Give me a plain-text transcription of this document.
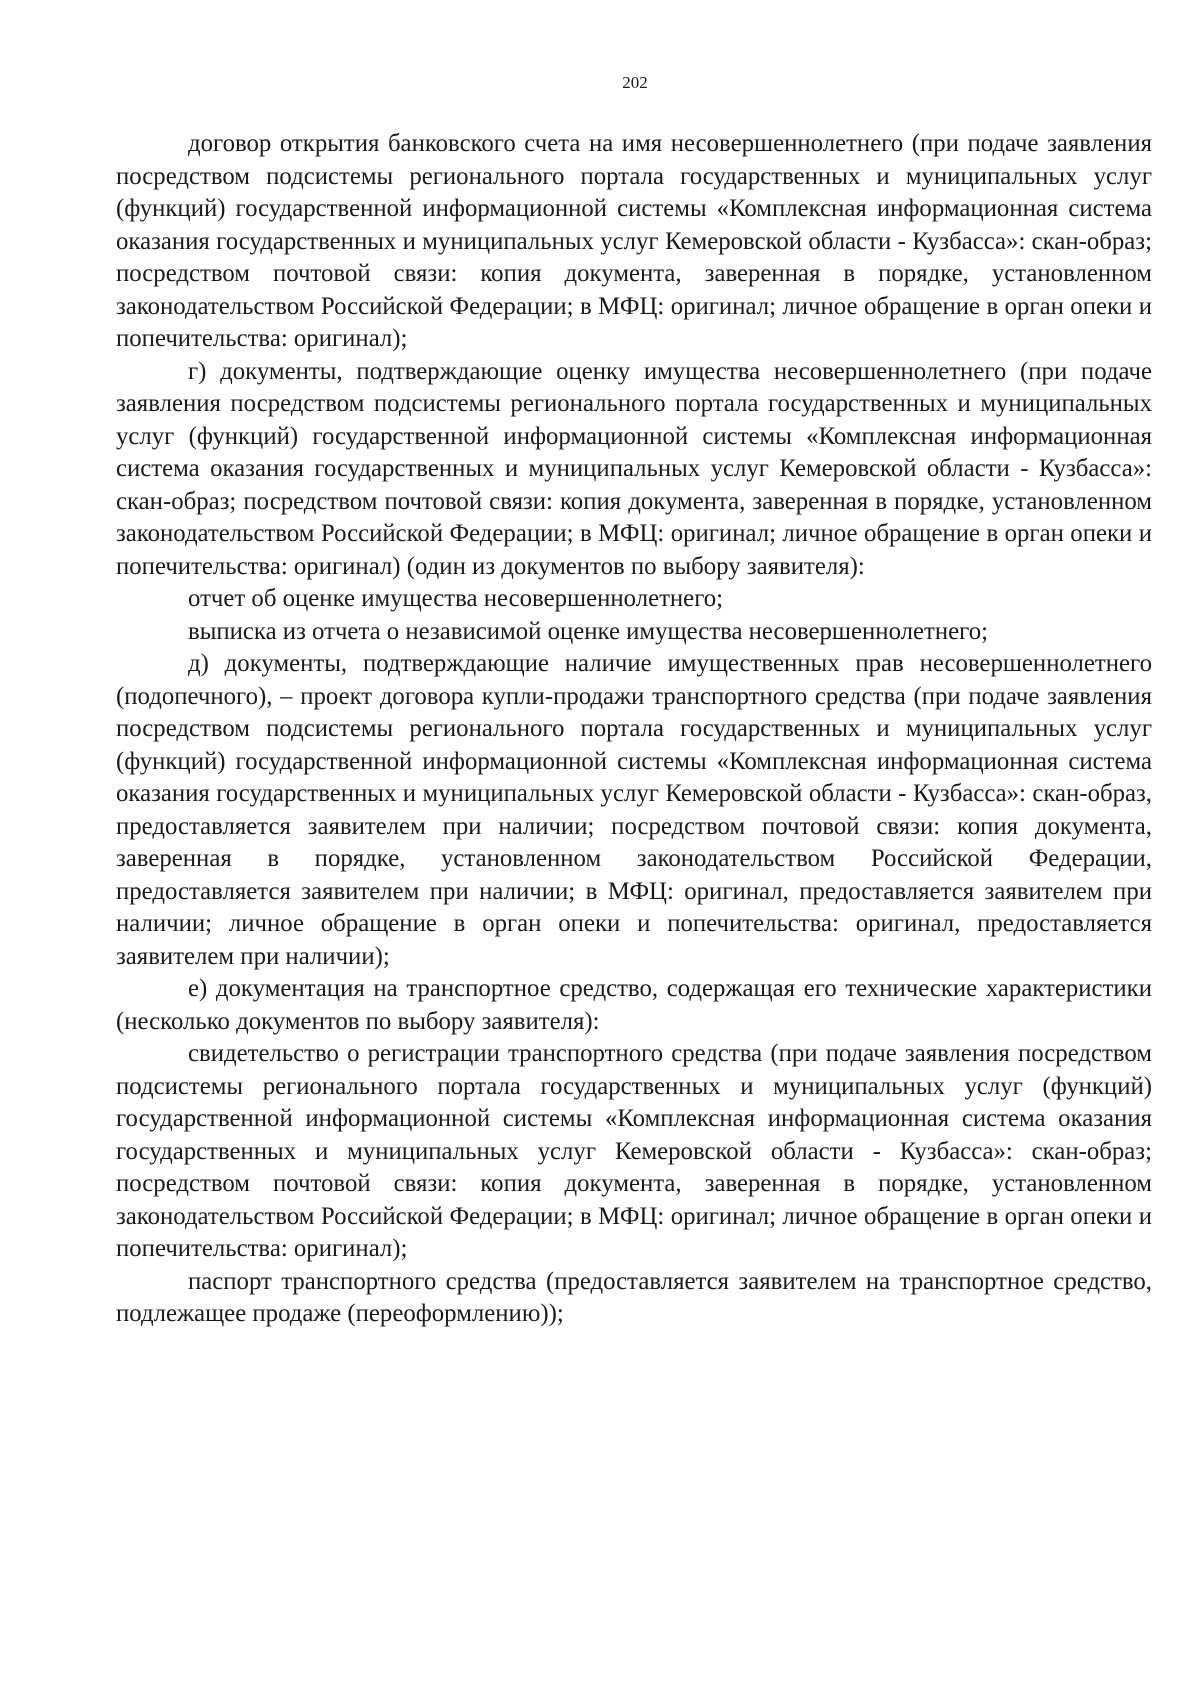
202

договор открытия банковского счета на имя несовершеннолетнего (при подаче заявления посредством подсистемы регионального портала государственных и муниципальных услуг (функций) государственной информационной системы «Комплексная информационная система оказания государственных и муниципальных услуг Кемеровской области - Кузбасса»: скан-образ; посредством почтовой связи: копия документа, заверенная в порядке, установленном законодательством Российской Федерации; в МФЦ: оригинал; личное обращение в орган опеки и попечительства: оригинал);

г) документы, подтверждающие оценку имущества несовершеннолетнего (при подаче заявления посредством подсистемы регионального портала государственных и муниципальных услуг (функций) государственной информационной системы «Комплексная информационная система оказания государственных и муниципальных услуг Кемеровской области - Кузбасса»: скан-образ; посредством почтовой связи: копия документа, заверенная в порядке, установленном законодательством Российской Федерации; в МФЦ: оригинал; личное обращение в орган опеки и попечительства: оригинал) (один из документов по выбору заявителя):

отчет об оценке имущества несовершеннолетнего;

выписка из отчета о независимой оценке имущества несовершеннолетнего;

д) документы, подтверждающие наличие имущественных прав несовершеннолетнего (подопечного), – проект договора купли-продажи транспортного средства (при подаче заявления посредством подсистемы регионального портала государственных и муниципальных услуг (функций) государственной информационной системы «Комплексная информационная система оказания государственных и муниципальных услуг Кемеровской области - Кузбасса»: скан-образ, предоставляется заявителем при наличии; посредством почтовой связи: копия документа, заверенная в порядке, установленном законодательством Российской Федерации, предоставляется заявителем при наличии; в МФЦ: оригинал, предоставляется заявителем при наличии; личное обращение в орган опеки и попечительства: оригинал, предоставляется заявителем при наличии);

е) документация на транспортное средство, содержащая его технические характеристики (несколько документов по выбору заявителя):

свидетельство о регистрации транспортного средства (при подаче заявления посредством подсистемы регионального портала государственных и муниципальных услуг (функций) государственной информационной системы «Комплексная информационная система оказания государственных и муниципальных услуг Кемеровской области - Кузбасса»: скан-образ; посредством почтовой связи: копия документа, заверенная в порядке, установленном законодательством Российской Федерации; в МФЦ: оригинал; личное обращение в орган опеки и попечительства: оригинал);

паспорт транспортного средства (предоставляется заявителем на транспортное средство, подлежащее продаже (переоформлению));
